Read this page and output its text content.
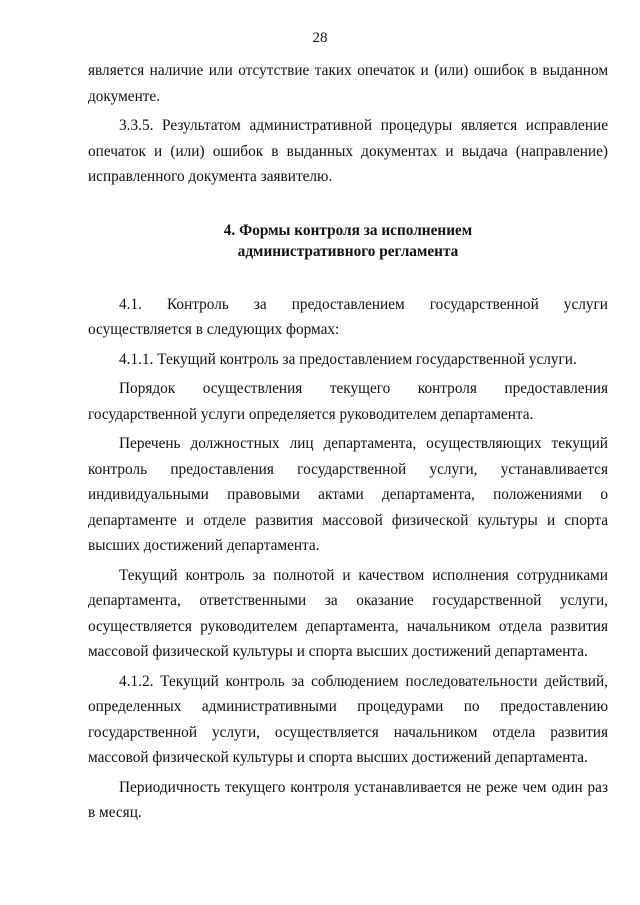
28

является наличие или отсутствие таких опечаток и (или) ошибок в выданном документе.

3.3.5. Результатом административной процедуры является исправление опечаток и (или) ошибок в выданных документах и выдача (направление) исправленного документа заявителю.

4. Формы контроля за исполнением

административного регламента

4.1. Контроль за предоставлением государственной услуги осуществляется в следующих формах:

4.1.1. Текущий контроль за предоставлением государственной услуги.

Порядок осуществления текущего контроля предоставления государственной услуги определяется руководителем департамента.

Перечень должностных лиц департамента, осуществляющих текущий контроль предоставления государственной услуги, устанавливается индивидуальными правовыми актами департамента, положениями о департаменте и отделе развития массовой физической культуры и спорта высших достижений департамента.

Текущий контроль за полнотой и качеством исполнения сотрудниками департамента, ответственными за оказание государственной услуги, осуществляется руководителем департамента, начальником отдела развития массовой физической культуры и спорта высших достижений департамента.

4.1.2. Текущий контроль за соблюдением последовательности действий, определенных административными процедурами по предоставлению государственной услуги, осуществляется начальником отдела развития массовой физической культуры и спорта высших достижений департамента.

Периодичность текущего контроля устанавливается не реже чем один раз в месяц.
